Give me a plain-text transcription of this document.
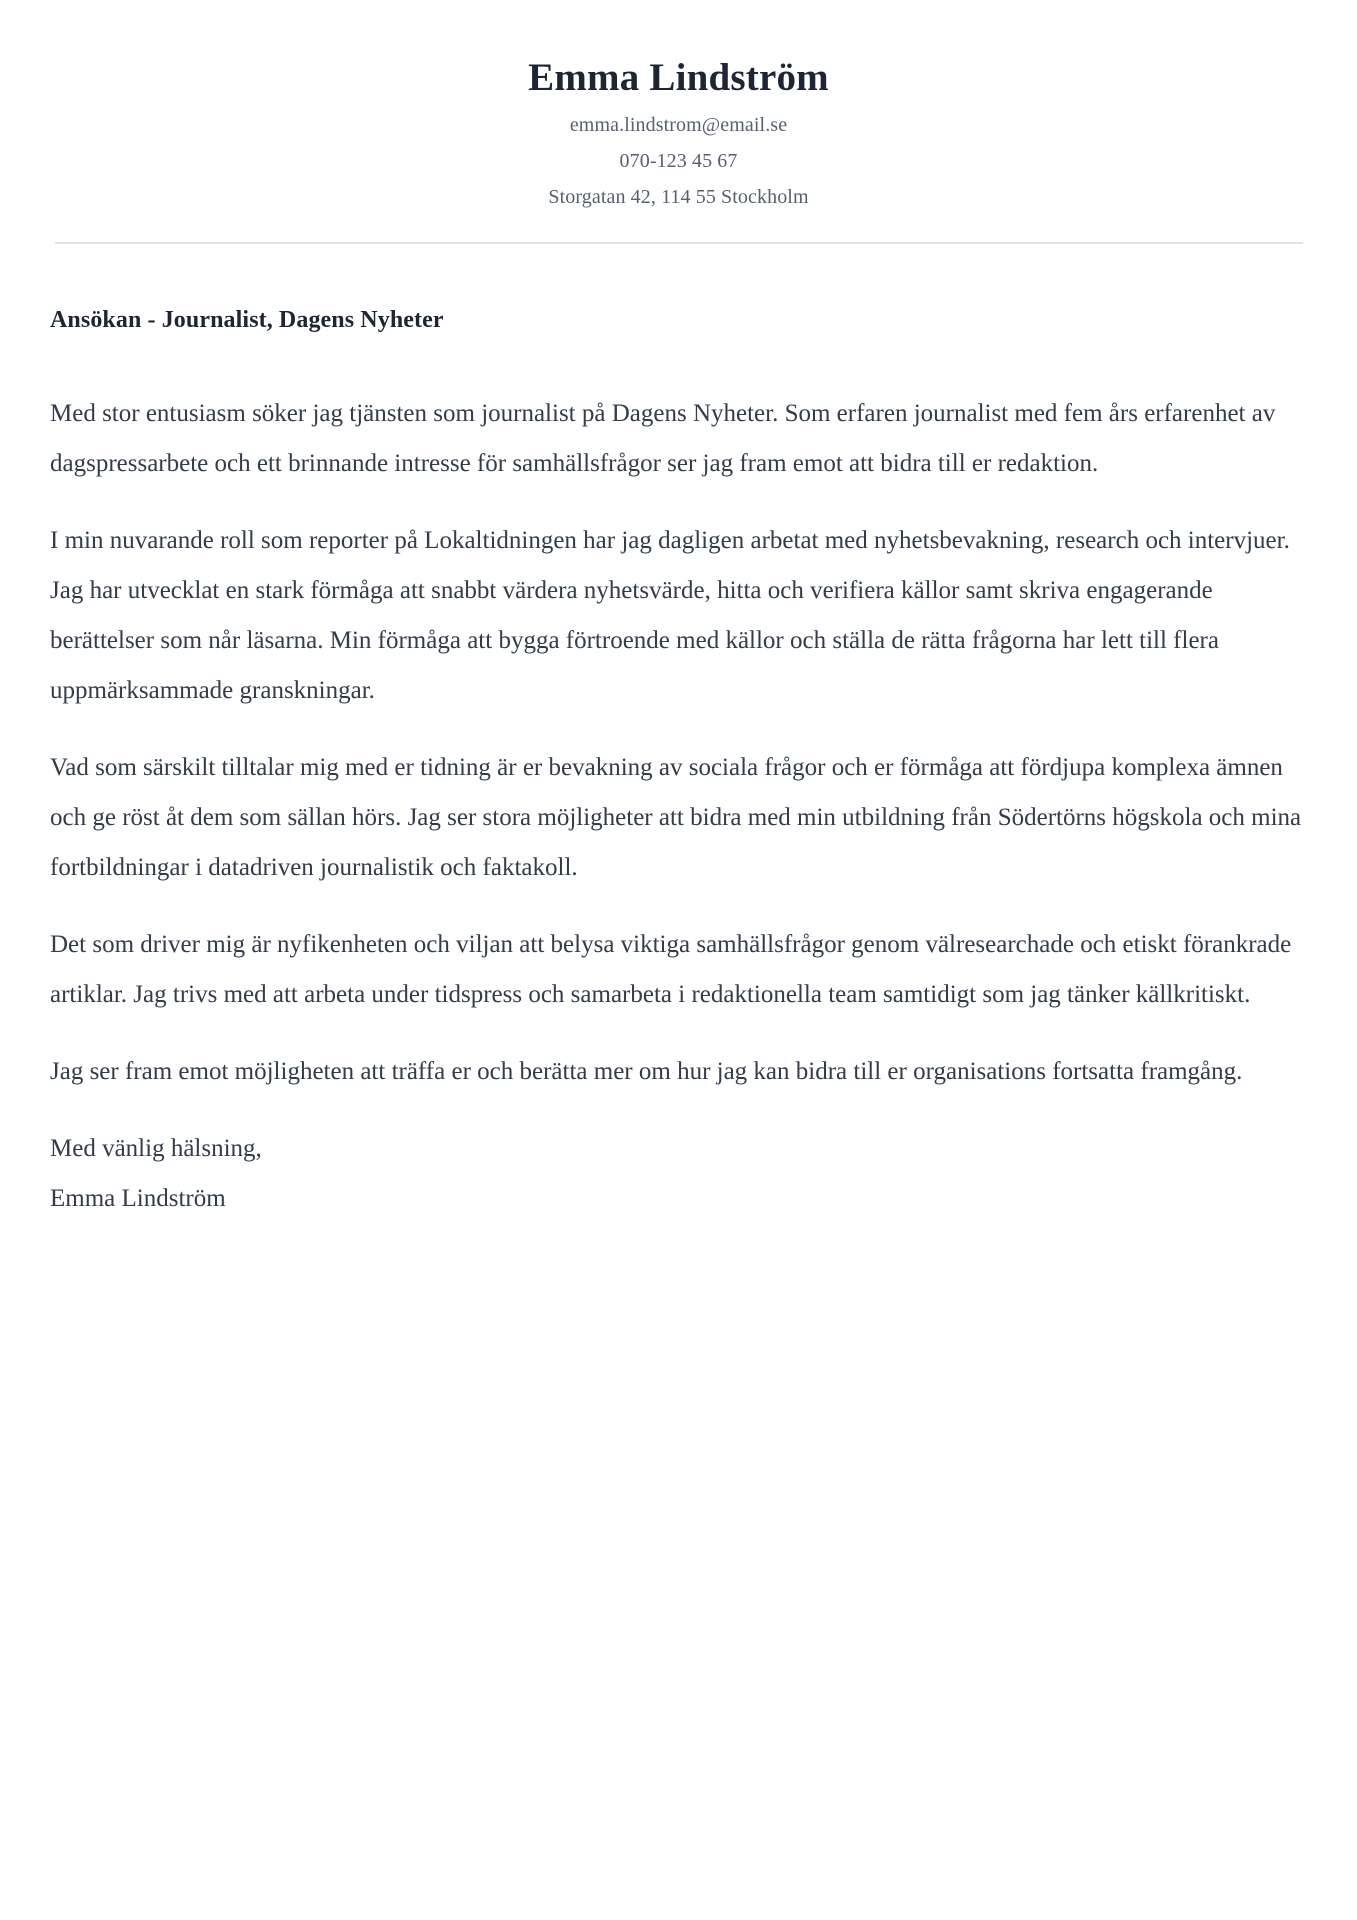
Emma Lindström

emma.lindstrom@email.se

070-123 45 67

Storgatan 42, 114 55 Stockholm

Ansökan - Journalist, Dagens Nyheter

Med stor entusiasm söker jag tjänsten som journalist på Dagens Nyheter. Som erfaren journalist med fem års erfarenhet av dagspressarbete och ett brinnande intresse för samhällsfrågor ser jag fram emot att bidra till er redaktion.

I min nuvarande roll som reporter på Lokaltidningen har jag dagligen arbetat med nyhetsbevakning, research och intervjuer. Jag har utvecklat en stark förmåga att snabbt värdera nyhetsvärde, hitta och verifiera källor samt skriva engagerande berättelser som når läsarna. Min förmåga att bygga förtroende med källor och ställa de rätta frågorna har lett till flera uppmärksammade granskningar.

Vad som särskilt tilltalar mig med er tidning är er bevakning av sociala frågor och er förmåga att fördjupa komplexa ämnen och ge röst åt dem som sällan hörs. Jag ser stora möjligheter att bidra med min utbildning från Södertörns högskola och mina fortbildningar i datadriven journalistik och faktakoll.

Det som driver mig är nyfikenheten och viljan att belysa viktiga samhällsfrågor genom välresearchade och etiskt förankrade artiklar. Jag trivs med att arbeta under tidspress och samarbeta i redaktionella team samtidigt som jag tänker källkritiskt.

Jag ser fram emot möjligheten att träffa er och berätta mer om hur jag kan bidra till er organisations fortsatta framgång.

Med vänlig hälsning,
Emma Lindström
